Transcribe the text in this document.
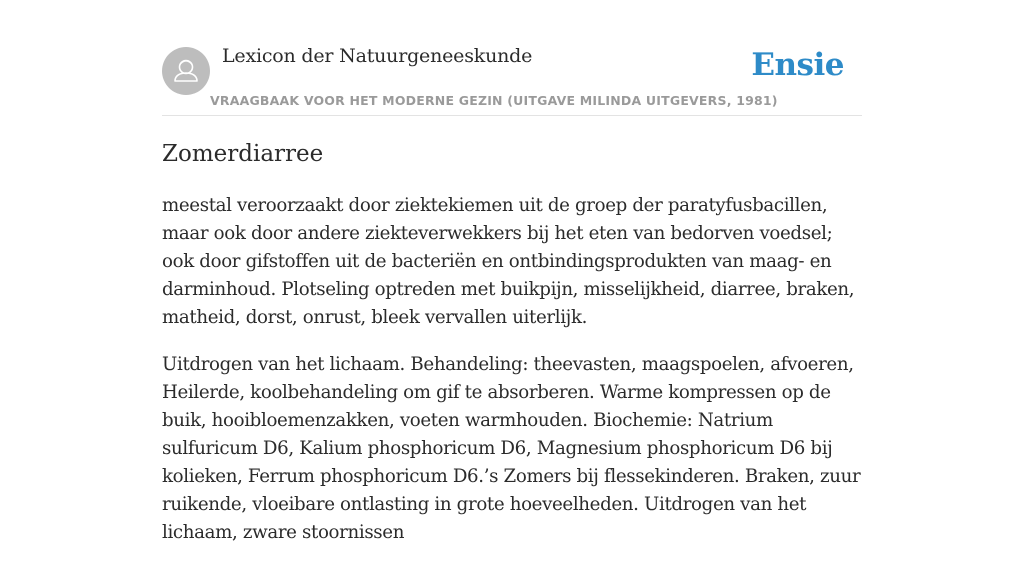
Lexicon der Natuurgeneeskunde
VRAAGBAAK VOOR HET MODERNE GEZIN (UITGAVE MILINDA UITGEVERS, 1981)
Ensie
Zomerdiarree

meestal veroorzaakt door ziektekiemen uit de groep der paratyfusbacillen, maar ook door andere ziekteverwekkers bij het eten van bedorven voedsel; ook door gifstoffen uit de bacteriën en ontbindingsprodukten van maag- en darminhoud. Plotseling optreden met buikpijn, misselijkheid, diarree, braken, matheid, dorst, onrust, bleek vervallen uiterlijk.

Uitdrogen van het lichaam. Behandeling: theevasten, maagspoelen, afvoeren, Heilerde, koolbehandeling om gif te absorberen. Warme kompressen op de buik, hooibloemenzakken, voeten warmhouden. Biochemie: Natrium sulfuricum D6, Kalium phosphoricum D6, Magnesium phosphoricum D6 bij kolieken, Ferrum phosphoricum D6.’s Zomers bij flessekinderen. Braken, zuur ruikende, vloeibare ontlasting in grote hoeveelheden. Uitdrogen van het lichaam, zware stoornissen
